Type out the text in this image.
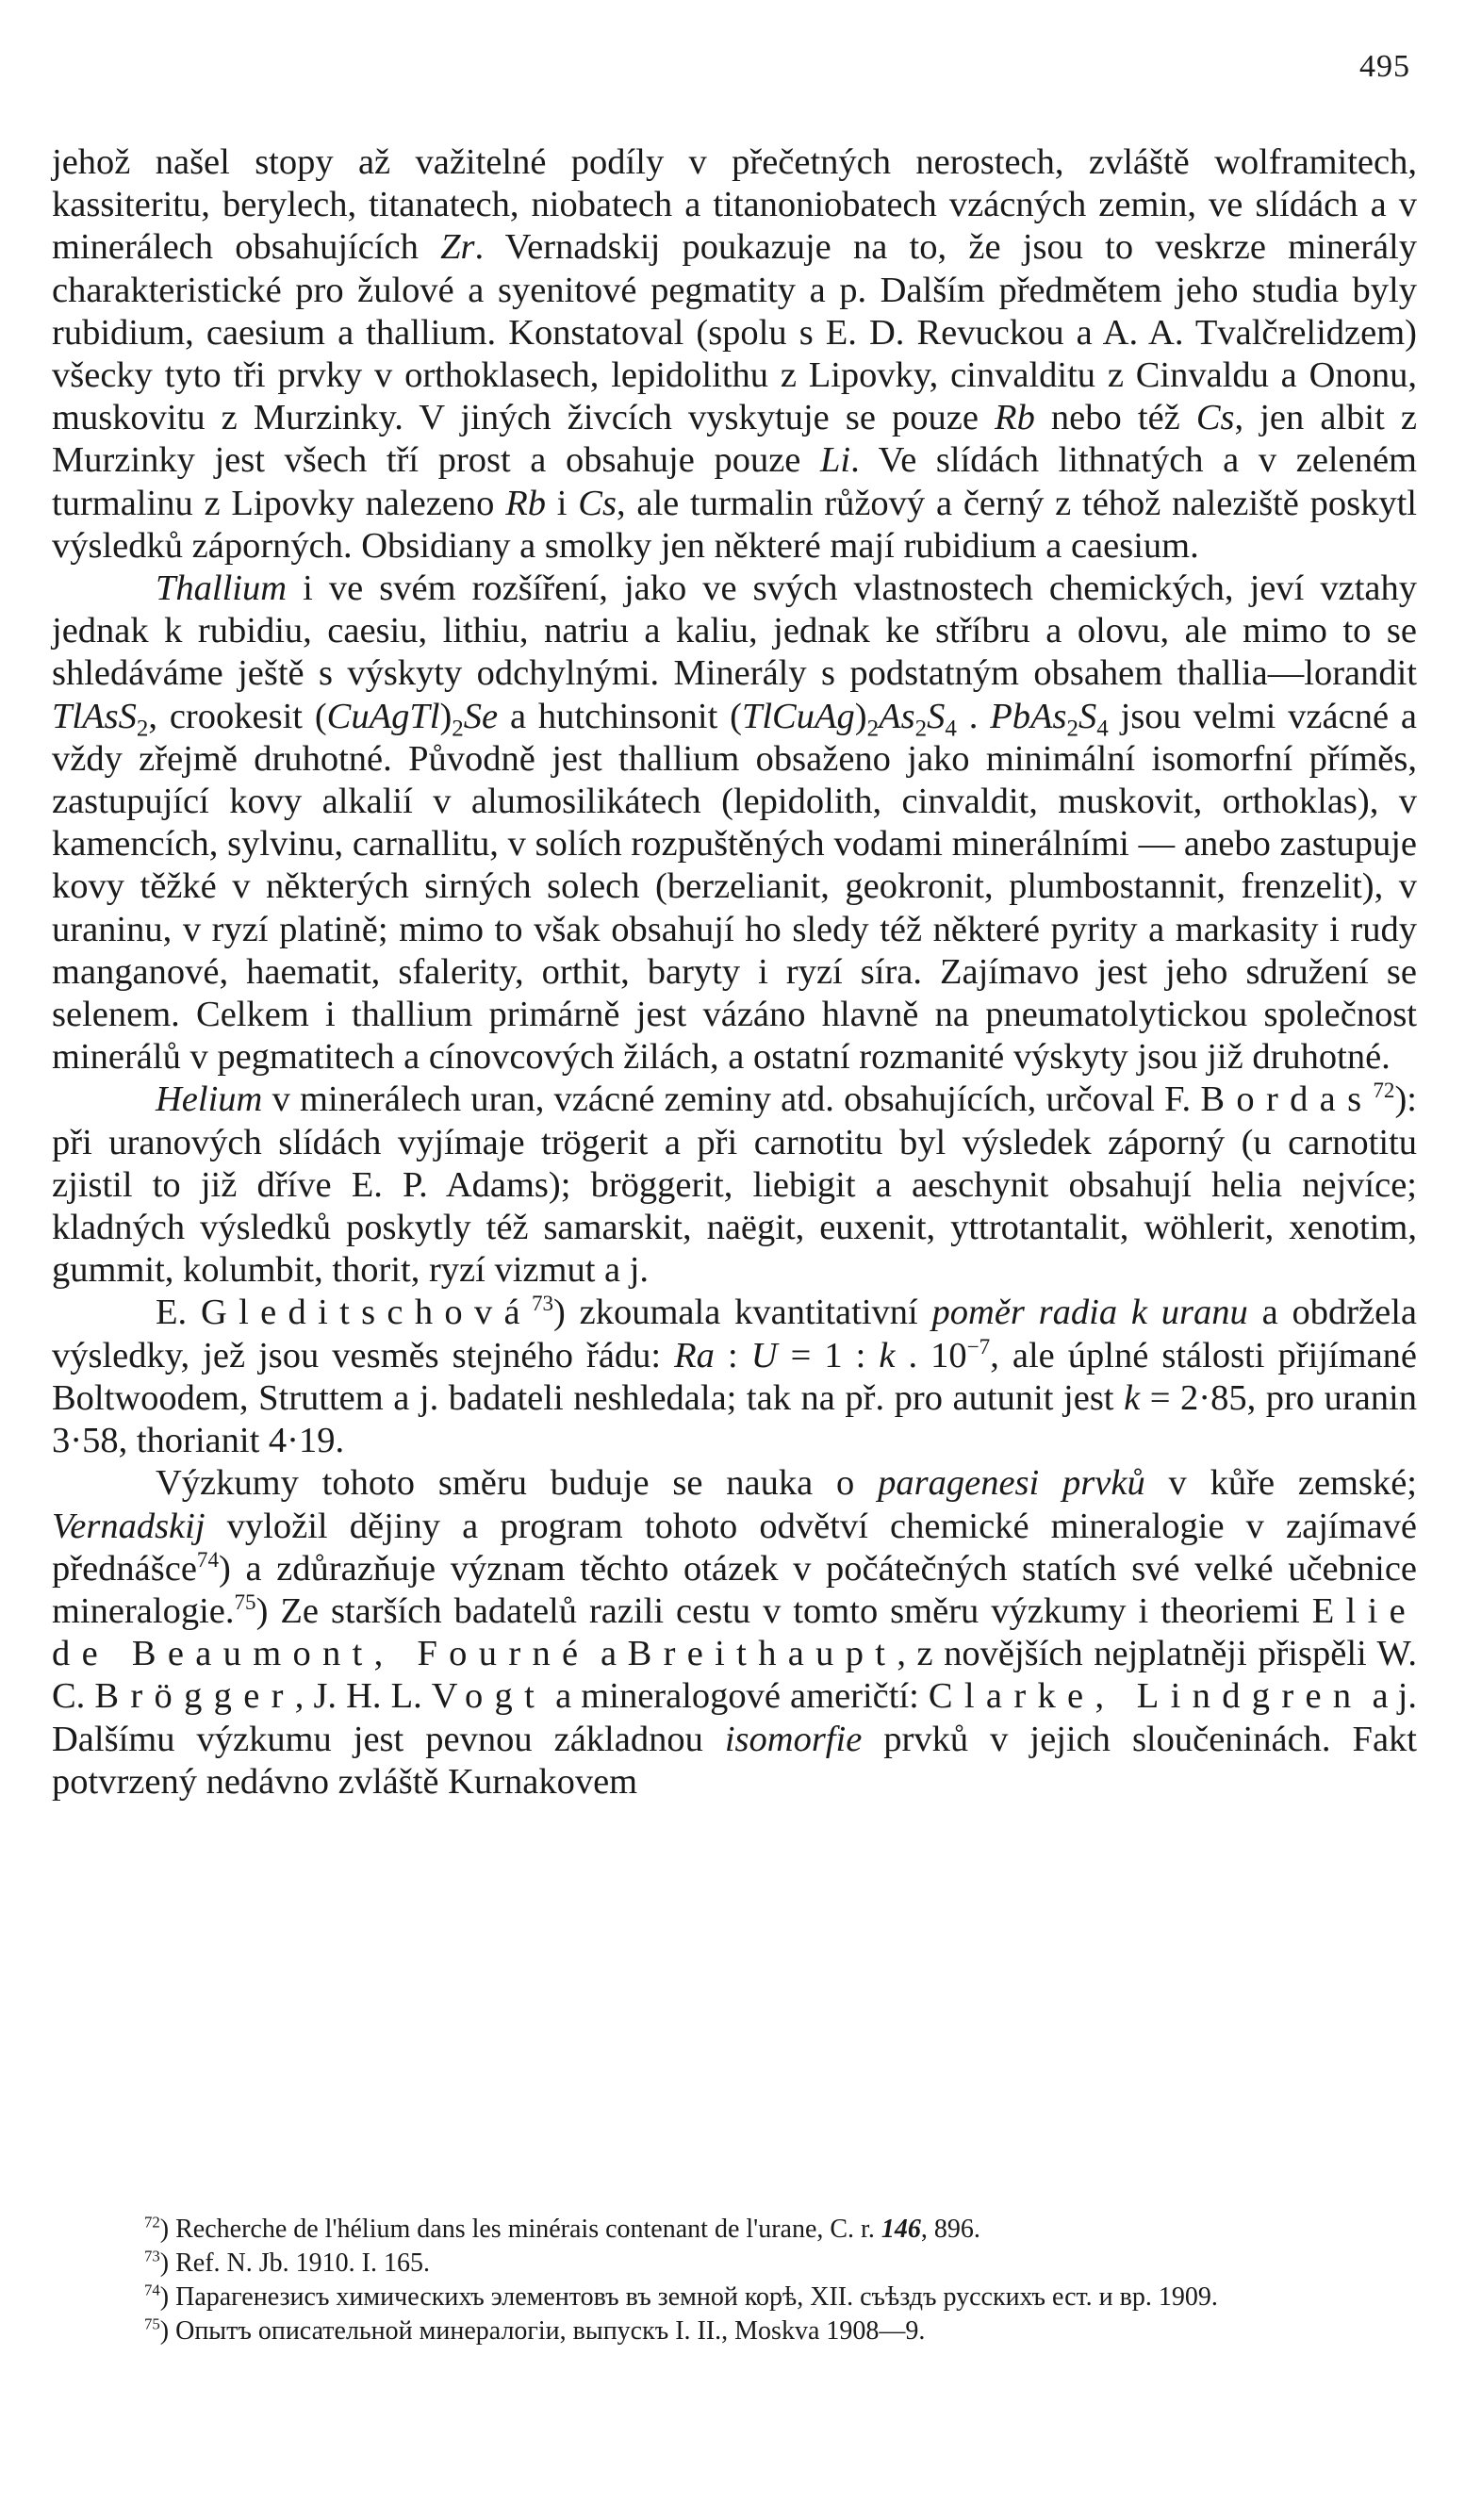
495

jehož našel stopy až važitelné podíly v přečetných nerostech, zvláště wolframitech, kassiteritu, berylech, titanatech, niobatech a titanoniobatech vzácných zemin, ve slídách a v minerálech obsahujících Zr. Vernadskij poukazuje na to, že jsou to veskrze minerály charakteristické pro žulové a syenitové pegmatity a p. Dalším předmětem jeho studia byly rubidium, caesium a thallium. Konstatoval (spolu s E. D. Revuckou a A. A. Tvalčrelidzem) všecky tyto tři prvky v orthoklasech, lepidolithu z Lipovky, cinvalditu z Cinvaldu a Ononu, muskovitu z Murzinky. V jiných živcích vyskytuje se pouze Rb nebo též Cs, jen albit z Murzinky jest všech tří prost a obsahuje pouze Li. Ve slídách lithnatých a v zeleném turmalinu z Lipovky nalezeno Rb i Cs, ale turmalin růžový a černý z téhož naleziště poskytl výsledků záporných. Obsidiany a smolky jen některé mají rubidium a caesium.

Thallium i ve svém rozšíření, jako ve svých vlastnostech chemických, jeví vztahy jednak k rubidiu, caesiu, lithiu, natriu a kaliu, jednak ke stříbru a olovu, ale mimo to se shledáváme ještě s výskyty odchylnými. Minerály s podstatným obsahem thallia—lorandit TlAsS$_2$, crookesit $(CuAgTl)_2Se$ a hutchinsonit $(TlCuAg)_2As_2S_4$ . $PbAs_2S_4$ jsou velmi vzácné a vždy zřejmě druhotné. Původně jest thallium obsaženo jako minimální isomorfní příměs, zastupující kovy alkalií v alumosilikátech (lepidolith, cinvaldit, muskovit, orthoklas), v kamencích, sylvinu, carnallitu, v solích rozpuštěných vodami minerálními — anebo zastupuje kovy těžké v některých sirných solech (berzelianit, geokronit, plumbostannit, frenzelit), v uraninu, v ryzí platině; mimo to však obsahují ho sledy též některé pyrity a markasity i rudy manganové, haematit, sfalerity, orthit, baryty i ryzí síra. Zajímavo jest jeho sdružení se selenem. Celkem i thallium primárně jest vázáno hlavně na pneumatolytickou společnost minerálů v pegmatitech a cínovcových žilách, a ostatní rozmanité výskyty jsou již druhotné.

Helium v minerálech uran, vzácné zeminy atd. obsahujících, určoval F. Bordas$^{72}$): při uranových slídách vyjímaje trögerit a při carnotitu byl výsledek záporný (u carnotitu zjistil to již dříve E. P. Adams); bröggerit, liebigit a aeschynit obsahují helia nejvíce; kladných výsledků poskytly též samarskit, naëgit, euxenit, yttrotantalit, wöhlerit, xenotim, gummit, kolumbit, thorit, ryzí vizmut a j.

E. Gleditschová$^{73}$) zkoumala kvantitativní poměr radia k uranu a obdržela výsledky, jež jsou vesměs stejného řádu: Ra : U = 1 : k . $10^{-7}$, ale úplné stálosti přijímané Boltwoodem, Struttem a j. badateli neshledala; tak na př. pro autunit jest k = 2·85, pro uranin 3·58, thorianit 4·19.

Výzkumy tohoto směru buduje se nauka o paragenesi prvků v kůře zemské; Vernadskij vyložil dějiny a program tohoto odvětví chemické mineralogie v zajímavé přednášce$^{74}$) a zdůrazňuje význam těchto otázek v počátečných statích své velké učebnice mineralogie.$^{75}$) Ze starších badatelů razili cestu v tomto směru výzkumy i theoriemi Elie de Beaumont, Fourné a Breithaupt, z novějších nejplatněji přispěli W. C. Brögger, J. H. L. Vogt a mineralogové američtí: Clarke, Lindgren a j. Dalšímu výzkumu jest pevnou základnou isomorfie prvků v jejich sloučeninách. Fakt potvrzený nedávno zvláště Kurnakovem

$^{72}$) Recherche de l'hélium dans les minérais contenant de l'urane, C. r. 146, 896.

$^{73}$) Ref. N. Jb. 1910. I. 165.

$^{74}$) Парагенезисъ химическихъ элементовъ въ земной корѣ, XII. съѣздъ русскихъ ест. и вр. 1909.

$^{75}$) Опытъ описательной минералогіи, выпускъ I. II., Moskva 1908—9.
